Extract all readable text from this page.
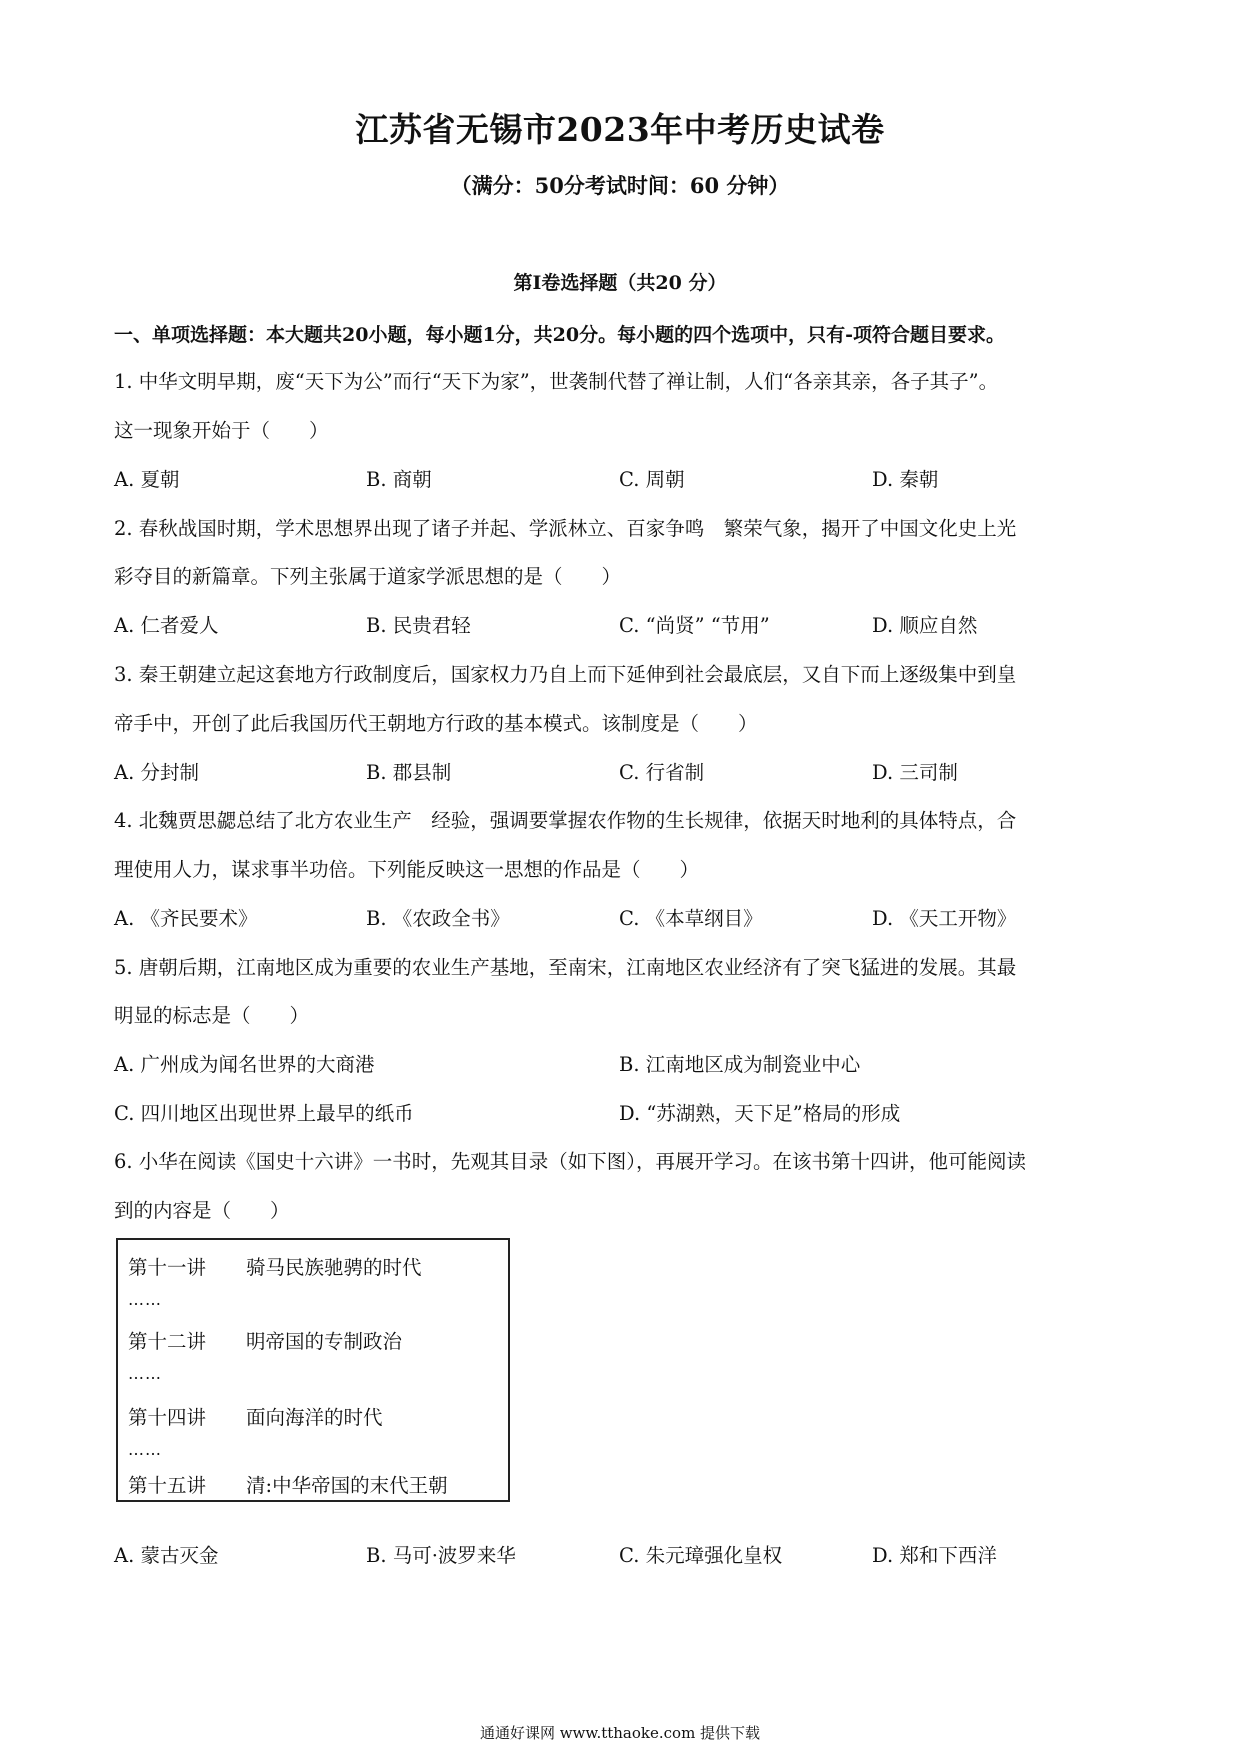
江苏省无锡市2023年中考历史试卷
（满分：50分考试时间：60 分钟）
第I卷选择题（共20 分）
一、单项选择题：本大题共20小题，每小题1分，共20分。每小题的四个选项中，只有-项符合题目要求。
1. 中华文明早期，废“天下为公”而行“天下为家”，世袭制代替了禅让制，人们“各亲其亲，各子其子”。
这一现象开始于（　　）
A. 夏朝	B. 商朝	C. 周朝	D. 秦朝
2. 春秋战国时期，学术思想界出现了诸子并起、学派林立、百家争鸣　繁荣气象，揭开了中国文化史上光
彩夺目的新篇章。下列主张属于道家学派思想的是（　　）
A. 仁者爱人	B. 民贵君轻	C. “尚贤” “节用”	D. 顺应自然
3. 秦王朝建立起这套地方行政制度后，国家权力乃自上而下延伸到社会最底层，又自下而上逐级集中到皇
帝手中，开创了此后我国历代王朝地方行政的基本模式。该制度是（　　）
A. 分封制	B. 郡县制	C. 行省制	D. 三司制
4. 北魏贾思勰总结了北方农业生产　经验，强调要掌握农作物的生长规律，依据天时地利的具体特点，合
理使用人力，谋求事半功倍。下列能反映这一思想的作品是（　　）
A. 《齐民要术》	B. 《农政全书》	C. 《本草纲目》	D. 《天工开物》
5. 唐朝后期，江南地区成为重要的农业生产基地，至南宋，江南地区农业经济有了突飞猛进的发展。其最
明显的标志是（　　）
A. 广州成为闻名世界的大商港	B. 江南地区成为制瓷业中心
C. 四川地区出现世界上最早的纸币	D. “苏湖熟，天下足”格局的形成
6. 小华在阅读《国史十六讲》一书时，先观其目录（如下图），再展开学习。在该书第十四讲，他可能阅读
到的内容是（　　）
第十一讲 骑马民族驰骋的时代
……
第十二讲 明帝国的专制政治
……
第十四讲 面向海洋的时代
……
第十五讲 清:中华帝国的末代王朝
A. 蒙古灭金	B. 马可·波罗来华	C. 朱元璋强化皇权	D. 郑和下西洋
通通好课网 www.tthaoke.com 提供下载
